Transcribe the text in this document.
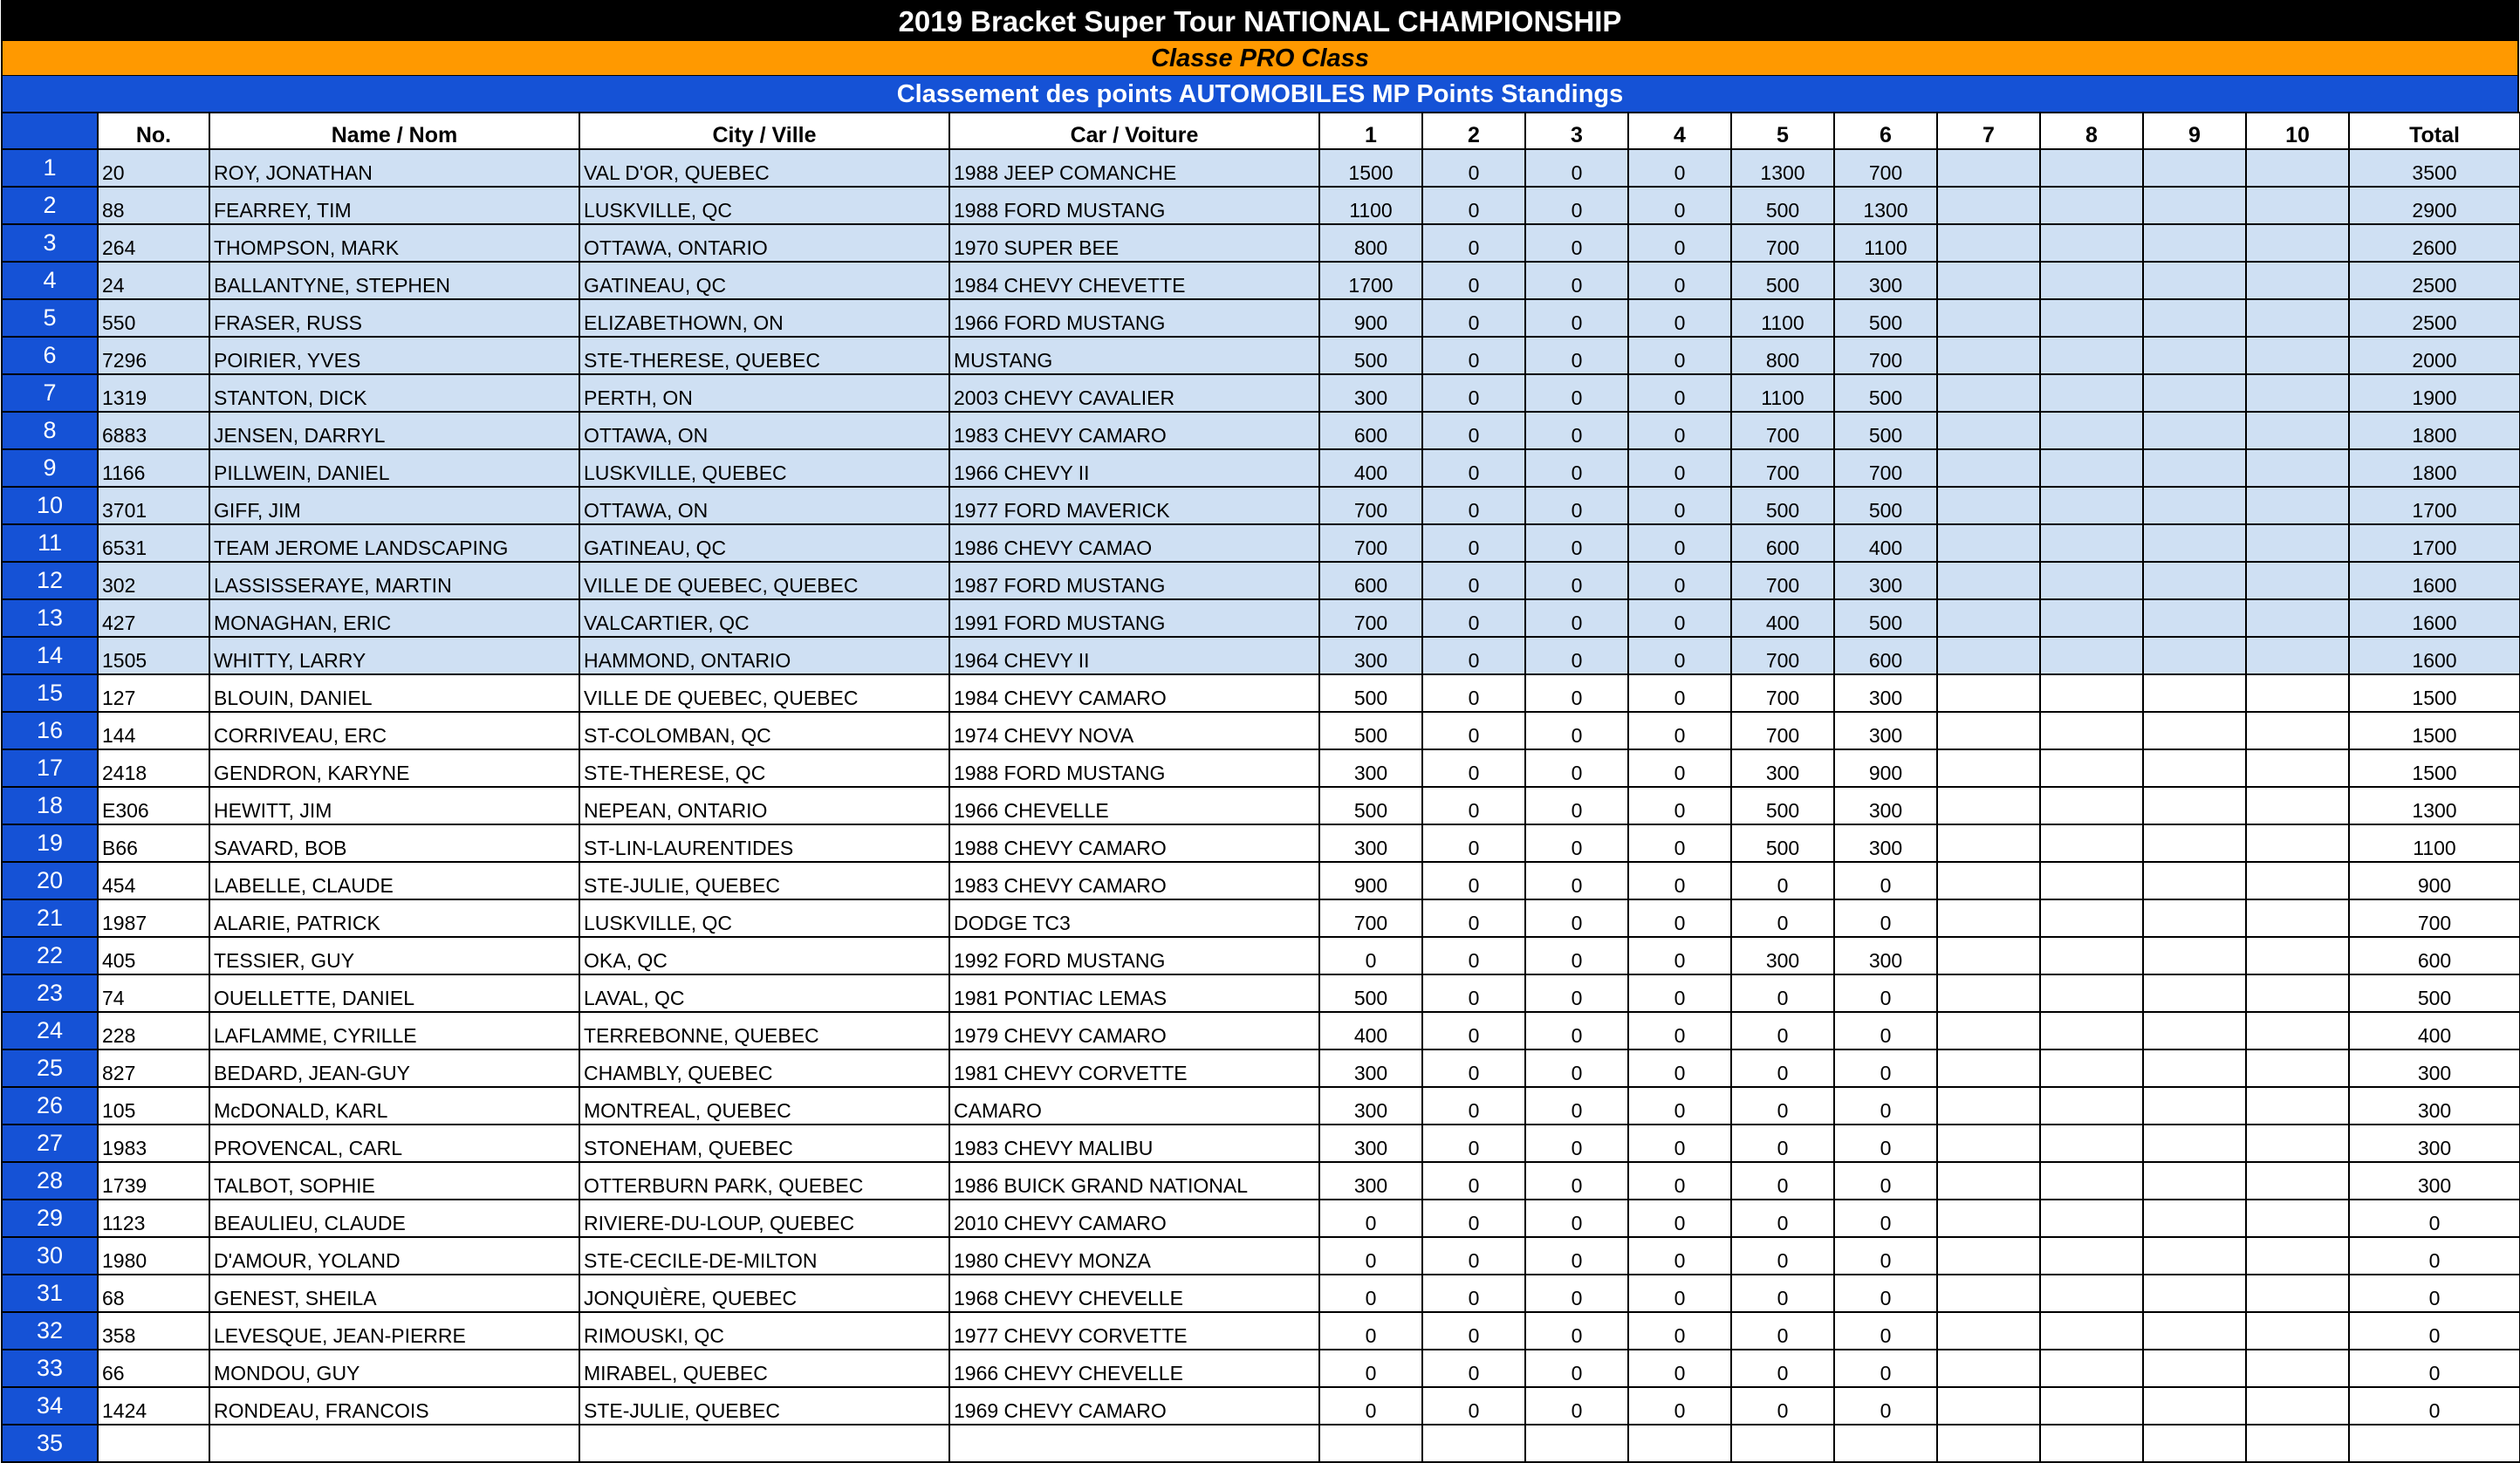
2019 Bracket Super Tour NATIONAL CHAMPIONSHIP
Classe PRO Class
Classement des points AUTOMOBILES MP Points Standings
	No.	Name / Nom	City / Ville	Car / Voiture	1	2	3	4	5	6	7	8	9	10	Total
1	20	ROY, JONATHAN	VAL D'OR, QUEBEC	1988 JEEP COMANCHE	1500	0	0	0	1300	700					3500
2	88	FEARREY, TIM	LUSKVILLE, QC	1988 FORD MUSTANG	1100	0	0	0	500	1300					2900
3	264	THOMPSON, MARK	OTTAWA, ONTARIO	1970 SUPER BEE	800	0	0	0	700	1100					2600
4	24	BALLANTYNE, STEPHEN	GATINEAU, QC	1984 CHEVY CHEVETTE	1700	0	0	0	500	300					2500
5	550	FRASER, RUSS	ELIZABETHOWN, ON	1966 FORD MUSTANG	900	0	0	0	1100	500					2500
6	7296	POIRIER, YVES	STE-THERESE, QUEBEC	MUSTANG	500	0	0	0	800	700					2000
7	1319	STANTON, DICK	PERTH, ON	2003 CHEVY CAVALIER	300	0	0	0	1100	500					1900
8	6883	JENSEN, DARRYL	OTTAWA, ON	1983 CHEVY CAMARO	600	0	0	0	700	500					1800
9	1166	PILLWEIN, DANIEL	LUSKVILLE, QUEBEC	1966 CHEVY II	400	0	0	0	700	700					1800
10	3701	GIFF, JIM	OTTAWA, ON	1977 FORD MAVERICK	700	0	0	0	500	500					1700
11	6531	TEAM JEROME LANDSCAPING	GATINEAU, QC	1986 CHEVY CAMAO	700	0	0	0	600	400					1700
12	302	LASSISSERAYE, MARTIN	VILLE DE QUEBEC, QUEBEC	1987 FORD MUSTANG	600	0	0	0	700	300					1600
13	427	MONAGHAN, ERIC	VALCARTIER, QC	1991 FORD MUSTANG	700	0	0	0	400	500					1600
14	1505	WHITTY, LARRY	HAMMOND, ONTARIO	1964 CHEVY II	300	0	0	0	700	600					1600
15	127	BLOUIN, DANIEL	VILLE DE QUEBEC, QUEBEC	1984 CHEVY CAMARO	500	0	0	0	700	300					1500
16	144	CORRIVEAU, ERC	ST-COLOMBAN, QC	1974 CHEVY NOVA	500	0	0	0	700	300					1500
17	2418	GENDRON, KARYNE	STE-THERESE, QC	1988 FORD MUSTANG	300	0	0	0	300	900					1500
18	E306	HEWITT, JIM	NEPEAN, ONTARIO	1966 CHEVELLE	500	0	0	0	500	300					1300
19	B66	SAVARD, BOB	ST-LIN-LAURENTIDES	1988 CHEVY CAMARO	300	0	0	0	500	300					1100
20	454	LABELLE, CLAUDE	STE-JULIE, QUEBEC	1983 CHEVY CAMARO	900	0	0	0	0	0					900
21	1987	ALARIE, PATRICK	LUSKVILLE, QC	DODGE TC3	700	0	0	0	0	0					700
22	405	TESSIER, GUY	OKA, QC	1992 FORD MUSTANG	0	0	0	0	300	300					600
23	74	OUELLETTE, DANIEL	LAVAL, QC	1981 PONTIAC LEMAS	500	0	0	0	0	0					500
24	228	LAFLAMME, CYRILLE	TERREBONNE, QUEBEC	1979 CHEVY CAMARO	400	0	0	0	0	0					400
25	827	BEDARD, JEAN-GUY	CHAMBLY, QUEBEC	1981 CHEVY CORVETTE	300	0	0	0	0	0					300
26	105	McDONALD, KARL	MONTREAL, QUEBEC	CAMARO	300	0	0	0	0	0					300
27	1983	PROVENCAL, CARL	STONEHAM, QUEBEC	1983 CHEVY MALIBU	300	0	0	0	0	0					300
28	1739	TALBOT, SOPHIE	OTTERBURN PARK, QUEBEC	1986 BUICK GRAND NATIONAL	300	0	0	0	0	0					300
29	1123	BEAULIEU, CLAUDE	RIVIERE-DU-LOUP, QUEBEC	2010 CHEVY CAMARO	0	0	0	0	0	0					0
30	1980	D'AMOUR, YOLAND	STE-CECILE-DE-MILTON	1980 CHEVY MONZA	0	0	0	0	0	0					0
31	68	GENEST, SHEILA	JONQUIÈRE, QUEBEC	1968 CHEVY CHEVELLE	0	0	0	0	0	0					0
32	358	LEVESQUE, JEAN-PIERRE	RIMOUSKI, QC	1977 CHEVY CORVETTE	0	0	0	0	0	0					0
33	66	MONDOU, GUY	MIRABEL, QUEBEC	1966 CHEVY CHEVELLE	0	0	0	0	0	0					0
34	1424	RONDEAU, FRANCOIS	STE-JULIE, QUEBEC	1969 CHEVY CAMARO	0	0	0	0	0	0					0
35															
